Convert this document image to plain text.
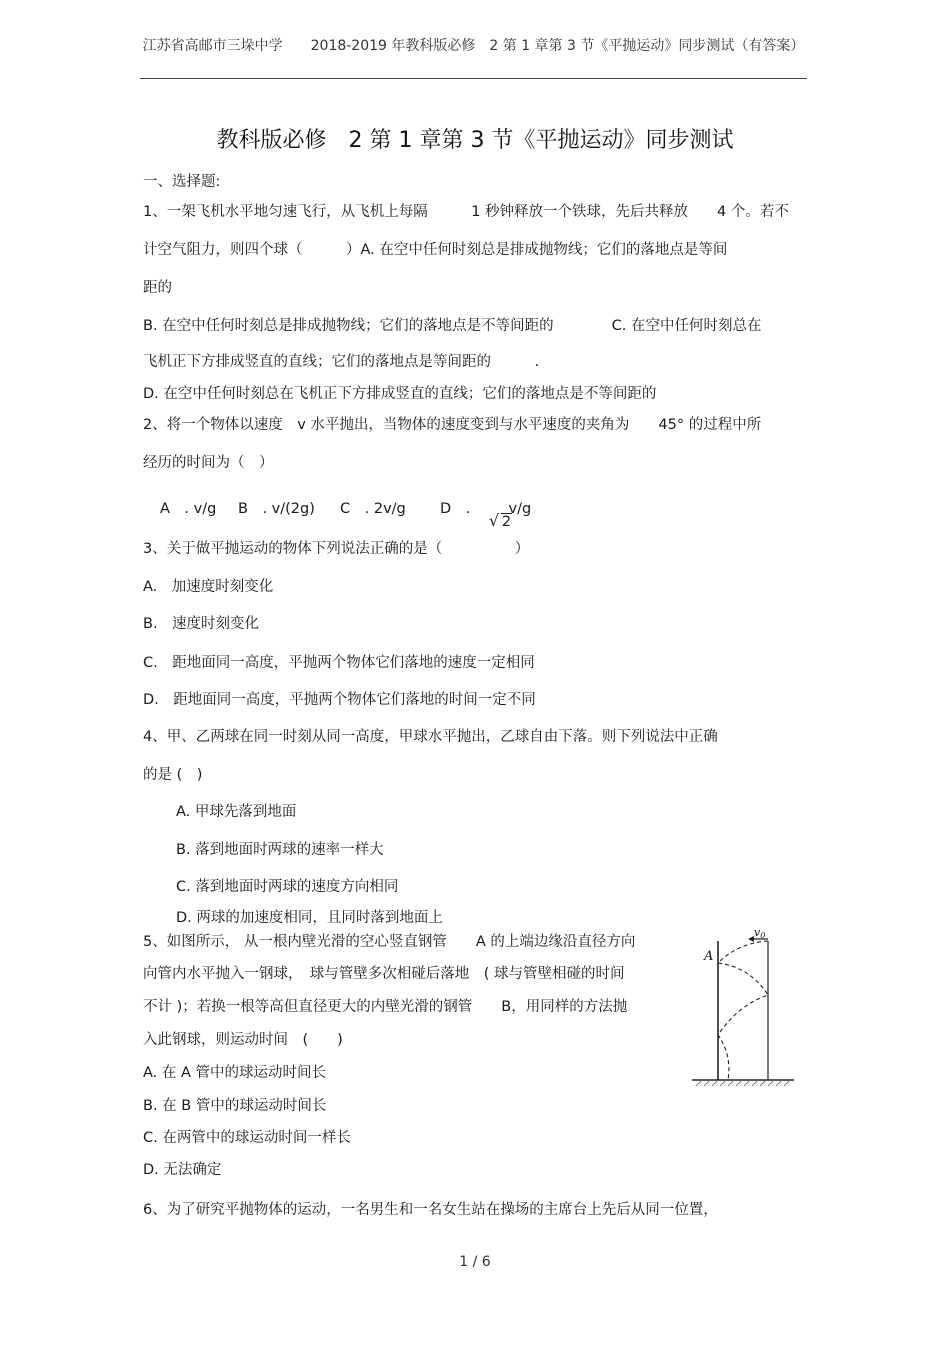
江苏省高邮市三垛中学　　2018-2019 年教科版必修　2 第 1 章第 3 节《平抛运动》同步测试（有答案）
教科版必修　2 第 1 章第 3 节《平抛运动》同步测试
一、选择题:
1、一架飞机水平地匀速飞行，从飞机上每隔　　　1 秒钟释放一个铁球，先后共释放　　4 个。若不
计空气阻力，则四个球（　　　）A. 在空中任何时刻总是排成抛物线；它们的落地点是等间
距的
B. 在空中任何时刻总是排成抛物线；它们的落地点是不等间距的　　　　C. 在空中任何时刻总在
飞机正下方排成竖直的直线；它们的落地点是等间距的　　　.
D. 在空中任何时刻总在飞机正下方排成竖直的直线；它们的落地点是不等间距的
2、将一个物体以速度　v 水平抛出，当物体的速度变到与水平速度的夹角为　　45° 的过程中所
经历的时间为（　）
A　. v/g B　. v/(2g) C　. 2v/g D　.
2
v/g
3、关于做平抛运动的物体下列说法正确的是（　　　　　）
A.　加速度时刻变化
B.　速度时刻变化
C.　距地面同一高度，平抛两个物体它们落地的速度一定相同
D.　距地面同一高度，平抛两个物体它们落地的时间一定不同
4、甲、乙两球在同一时刻从同一高度，甲球水平抛出，乙球自由下落。则下列说法中正确
的是 (　)
A. 甲球先落到地面
B. 落到地面时两球的速率一样大
C. 落到地面时两球的速度方向相同
D. 两球的加速度相同，且同时落到地面上
5、如图所示， 从一根内壁光滑的空心竖直钢管　　A 的上端边缘沿直径方向
向管内水平抛入一钢球，　球与管壁多次相碰后落地　( 球与管壁相碰的时间
不计 )；若换一根等高但直径更大的内壁光滑的钢管　　B，用同样的方法抛
入此钢球，则运动时间　(　　)
A. 在 A 管中的球运动时间长
B. 在 B 管中的球运动时间长
C. 在两管中的球运动时间一样长
D. 无法确定
v0
A
6、为了研究平抛物体的运动，一名男生和一名女生站在操场的主席台上先后从同一位置，
1 / 6
